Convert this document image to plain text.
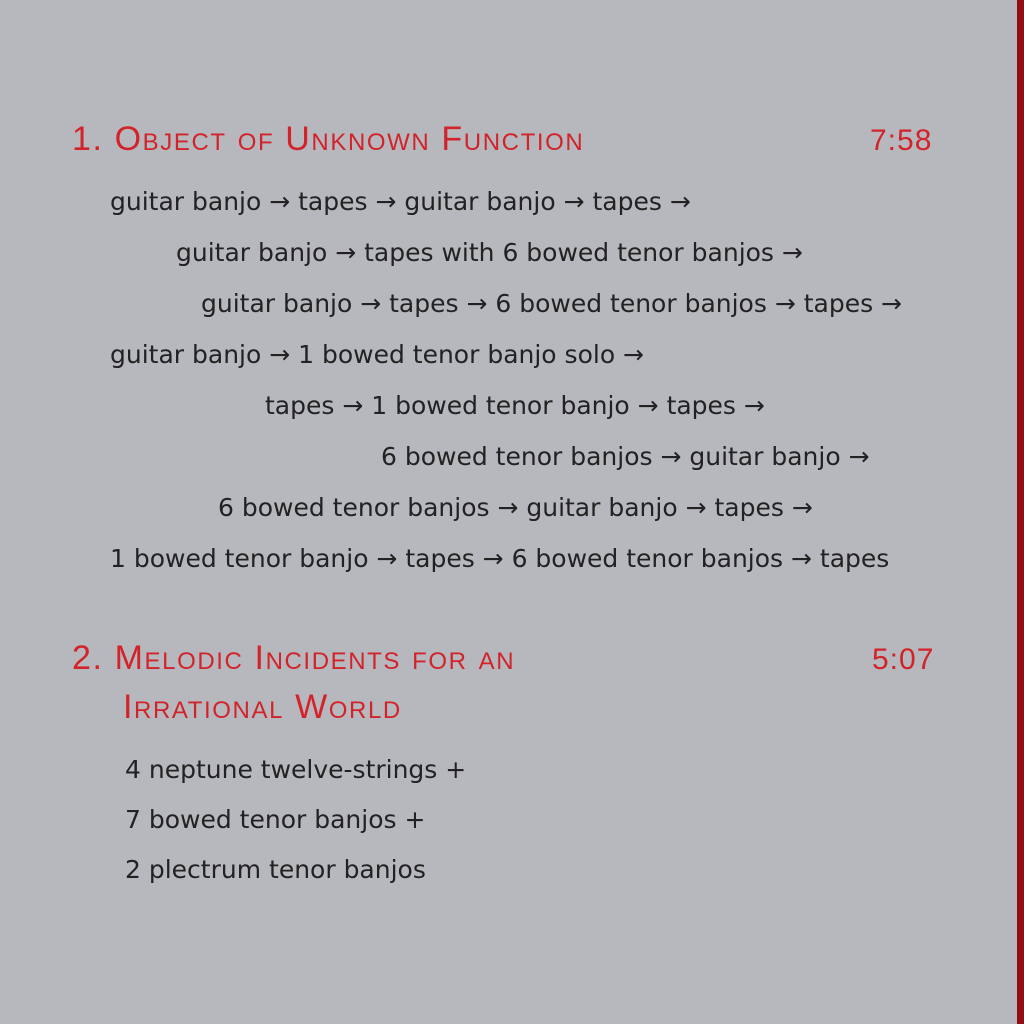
1. Object of Unknown Function	7:58
guitar banjo → tapes → guitar banjo → tapes →
guitar banjo → tapes with 6 bowed tenor banjos →
guitar banjo → tapes → 6 bowed tenor banjos → tapes →
guitar banjo → 1 bowed tenor banjo solo →
tapes → 1 bowed tenor banjo → tapes →
6 bowed tenor banjos → guitar banjo →
6 bowed tenor banjos → guitar banjo → tapes →
1 bowed tenor banjo → tapes → 6 bowed tenor banjos → tapes
2. Melodic Incidents for an
Irrational World
5:07
4 neptune twelve-strings +
7 bowed tenor banjos +
2 plectrum tenor banjos
